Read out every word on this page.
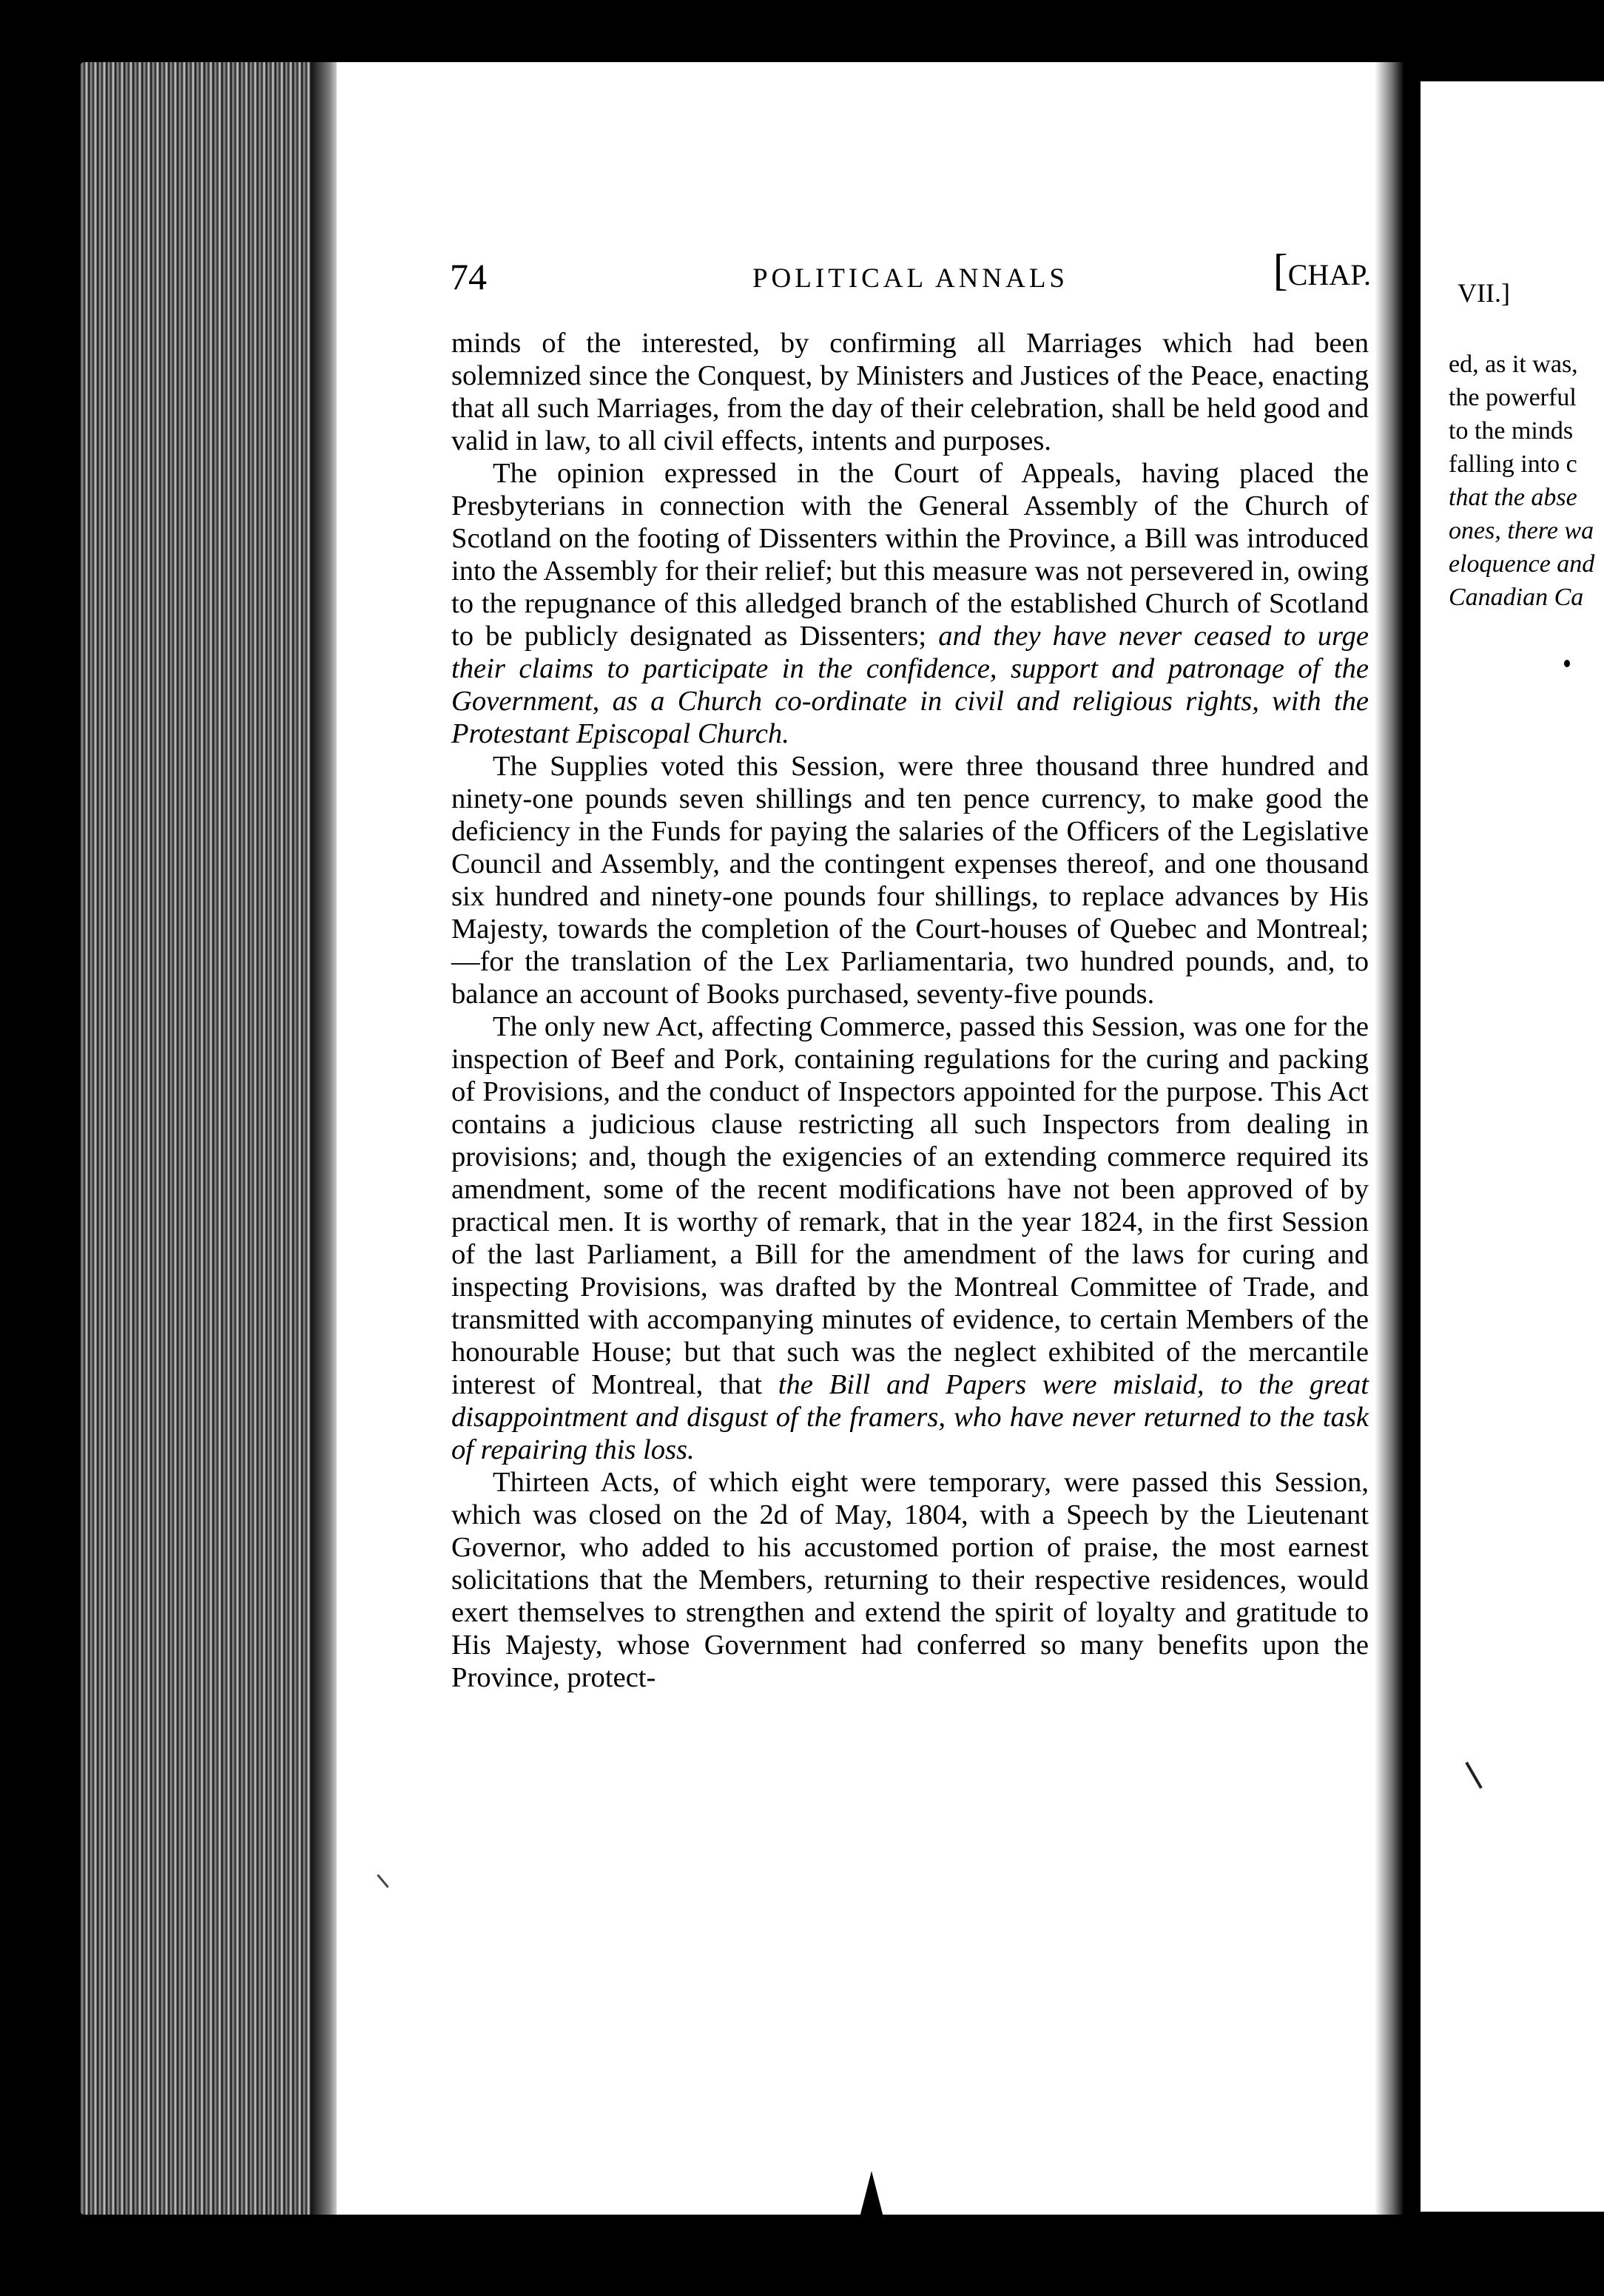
74	POLITICAL ANNALS	[CHAP.

minds of the interested, by confirming all Marriages which had been solemnized since the Conquest, by Ministers and Justices of the Peace, enacting that all such Marriages, from the day of their celebration, shall be held good and valid in law, to all civil effects, intents and purposes.

The opinion expressed in the Court of Appeals, having placed the Presbyterians in connection with the General Assembly of the Church of Scotland on the footing of Dissenters within the Province, a Bill was introduced into the Assembly for their relief; but this measure was not persevered in, owing to the repugnance of this alledged branch of the established Church of Scotland to be publicly designated as Dissenters; and they have never ceased to urge their claims to participate in the confidence, support and patronage of the Government, as a Church co-ordinate in civil and religious rights, with the Protestant Episcopal Church.

The Supplies voted this Session, were three thousand three hundred and ninety-one pounds seven shillings and ten pence currency, to make good the deficiency in the Funds for paying the salaries of the Officers of the Legislative Council and Assembly, and the contingent expenses thereof, and one thousand six hundred and ninety-one pounds four shillings, to replace advances by His Majesty, towards the completion of the Court-houses of Quebec and Montreal;—for the translation of the Lex Parliamentaria, two hundred pounds, and, to balance an account of Books purchased, seventy-five pounds.

The only new Act, affecting Commerce, passed this Session, was one for the inspection of Beef and Pork, containing regulations for the curing and packing of Provisions, and the conduct of Inspectors appointed for the purpose. This Act contains a judicious clause restricting all such Inspectors from dealing in provisions; and, though the exigencies of an extending commerce required its amendment, some of the recent modifications have not been approved of by practical men. It is worthy of remark, that in the year 1824, in the first Session of the last Parliament, a Bill for the amendment of the laws for curing and inspecting Provisions, was drafted by the Montreal Committee of Trade, and transmitted with accompanying minutes of evidence, to certain Members of the honourable House; but that such was the neglect exhibited of the mercantile interest of Montreal, that the Bill and Papers were mislaid, to the great disappointment and disgust of the framers, who have never returned to the task of repairing this loss.

Thirteen Acts, of which eight were temporary, were passed this Session, which was closed on the 2d of May, 1804, with a Speech by the Lieutenant Governor, who added to his accustomed portion of praise, the most earnest solicitations that the Members, returning to their respective residences, would exert themselves to strengthen and extend the spirit of loyalty and gratitude to His Majesty, whose Government had conferred so many benefits upon the Province, protect-

VII.]
ed, as it was,
the powerful
to the minds
falling into c
that the abse
ones, there wa
eloquence and
Canadian Ca
